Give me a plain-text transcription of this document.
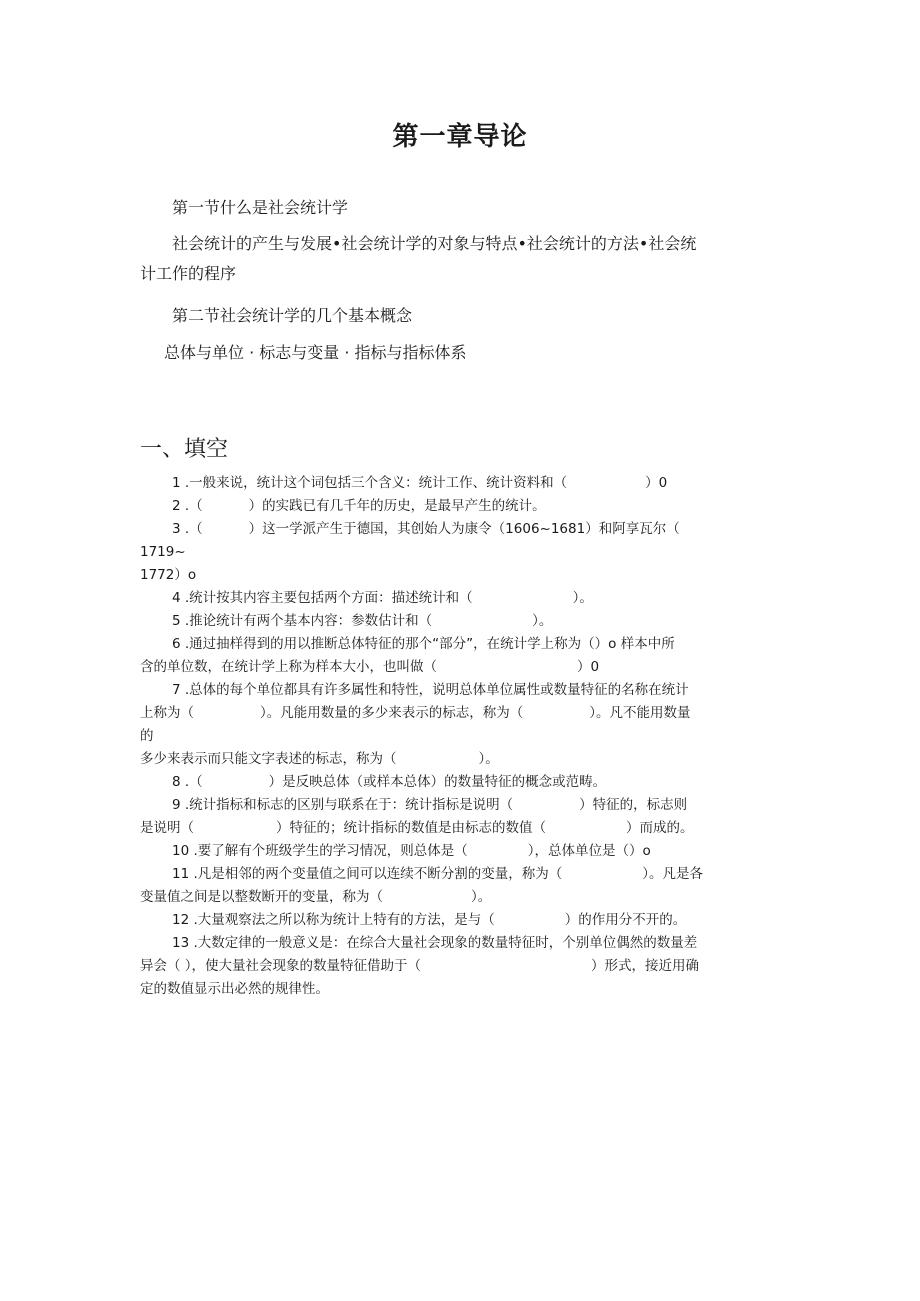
第一章导论
第一节什么是社会统计学
社会统计的产生与发展•社会统计学的对象与特点•社会统计的方法•社会统
计工作的程序
第二节社会统计学的几个基本概念
总体与单位 · 标志与变量 · 指标与指标体系
一、填空
1 .一般来说，统计这个词包括三个含义：统计工作、统计资料和（	）0
2 .（	）的实践已有几千年的历史，是最早产生的统计。
3 .（	）这一学派产生于德国，其创始人为康令（1606~1681）和阿享瓦尔（
1719~
1772）o
4 .统计按其内容主要包括两个方面：描述统计和（	）。
5 .推论统计有两个基本内容：参数估计和（	）。
6 .通过抽样得到的用以推断总体特征的那个“部分”，在统计学上称为（）o 样本中所
含的单位数，在统计学上称为样本大小，也叫做（	）0
7 .总体的每个单位都具有许多属性和特性，说明总体单位属性或数量特征的名称在统计
上称为（	）。凡能用数量的多少来表示的标志，称为（	）。凡不能用数量
的
多少来表示而只能文字表述的标志，称为（	）。
8 .（	）是反映总体（或样本总体）的数量特征的概念或范畴。
9 .统计指标和标志的区别与联系在于：统计指标是说明（	）特征的，标志则
是说明（	）特征的；统计指标的数值是由标志的数值（	）而成的。
10 .要了解有个班级学生的学习情况，则总体是（	），总体单位是（）o
11 .凡是相邻的两个变量值之间可以连续不断分割的变量，称为（	）。凡是各
变量值之间是以整数断开的变量，称为（	）。
12 .大量观察法之所以称为统计上特有的方法，是与（	）的作用分不开的。
13 .大数定律的一般意义是：在综合大量社会现象的数量特征时，个别单位偶然的数量差
异会（ ），使大量社会现象的数量特征借助于（	）形式，接近用确
定的数值显示出必然的规律性。
